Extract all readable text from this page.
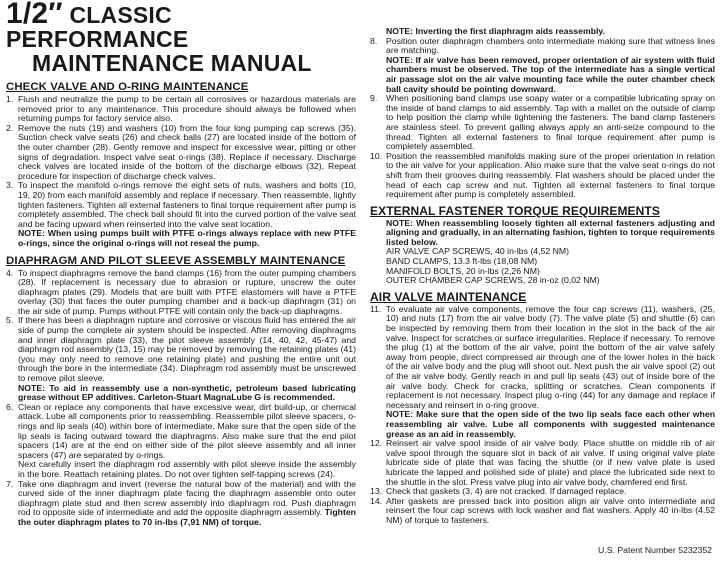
1/2″ CLASSIC PERFORMANCE
MAINTENANCE MANUAL
CHECK VALVE AND O-RING MAINTENANCE
1. Flush and neutralize the pump to be certain all corrosives or hazardous materials are removed prior to any maintenance. This procedure should always be followed when returning pumps for factory service also.
2. Remove the nuts (19) and washers (10) from the four long pumping cap screws (35). Suction check valve seats (26) and check balls (27) are located inside of the bottom of the outer chamber (28). Gently remove and inspect for excessive wear, pitting or other signs of degradation. Inspect valve seat o-rings (38). Replace if necessary. Discharge check valves are located inside of the bottom of the discharge elbows (32). Repeat procedure for inspection of discharge check valves.
3. To inspect the manifold o-rings remove the eight sets of nuts, washers and bolts (10, 19, 20) from each manifold assembly and replace if necessary. Then reassemble, lightly tighten fasteners. Tighten all external fasteners to final torque requirement after pump is completely assembled. The check ball should fit into the curved portion of the valve seat and be facing upward when reinserted into the valve seat location.

NOTE: When using pumps built with PTFE o-rings always replace with new PTFE o-rings, since the original o-rings will not reseal the pump.

DIAPHRAGM AND PILOT SLEEVE ASSEMBLY MAINTENANCE
4. To inspect diaphragms remove the band clamps (16) from the outer pumping chambers (28). If replacement is necessary due to abrasion or rupture, unscrew the outer diaphragm plates (29). Models that are built with PTFE elastomers will have a PTFE overlay (30) that faces the outer pumping chamber and a back-up diaphragm (31) on the air side of pump. Pumps without PTFE will contain only the back-up diaphragms.
5. If there has been a diaphragm rupture and corrosive or viscous fluid has entered the air side of pump the complete air system should be inspected. After removing diaphragms and inner diaphragm plate (33), the pilot sleeve assembly (14, 40, 42, 45-47) and diaphragm rod assembly (13, 15) may be removed by removing the retaining plates (41) (you may only need to remove one retaining plate) and pushing the entire unit out through the bore in the intermediate (34). Diaphragm rod assembly must be unscrewed to remove pilot sleeve.

NOTE: To aid in reassembly use a non-synthetic, petroleum based lubricating grease without EP additives. Carleton-Stuart MagnaLube G is recommended.

6. Clean or replace any components that have excessive wear, dirt build-up, or chemical attack. Lube all components prior to reassembling. Reassemble pilot sleeve spacers, o-rings and lip seals (40) within bore of intermediate. Make sure that the open side of the lip seals is facing outward toward the diaphragms. Also make sure that the end pilot spacers (14) are at the end on either side of the pilot sleeve assembly and all inner spacers (47) are separated by o-rings.

Next carefully insert the diaphragm rod assembly with pilot sleeve inside the assembly in the bore. Reattach retaining plates. Do not over tighten self-tapping screws (24).

7. Take one diaphragm and invert (reverse the natural bow of the material) and with the curved side of the inner diaphragm plate facing the diaphragm assemble onto outer diaphragm plate stud and then screw assembly into diaphragm rod. Push diaphragm rod to opposite side of intermediate and add the opposite diaphragm assembly. Tighten the outer diaphragm plates to 70 in-lbs (7,91 NM) of torque.

NOTE: Inverting the first diaphragm aids reassembly.

8.	Position outer diaphragm chambers onto intermediate making sure that witness lines are matching.

NOTE: If air valve has been removed, proper orientation of air system with fluid chambers must be observed. The top of the intermediate has a single vertical air passage slot on the air valve mounting face while the outer chamber check ball cavity should be pointing downward.

9.	When positioning band clamps use soapy water or a compatible lubricating spray on the inside of band clamps to aid assembly. Tap with a mallet on the outside of clamp to help position the clamp while tightening the fasteners. The band clamp fasteners are stainless steel. To prevent galling always apply an anti-seize compound to the thread. Tighten all external fasteners to final torque requirement after pump is completely assembled.
10. Position the reassembled manifolds making sure of the proper orientation in relation to the air valve for your application. Also make sure that the valve seat o-rings do not shift from their grooves during reassembly. Flat washers should be placed under the head of each cap screw and nut. Tighten all external fasteners to final torque requirement after pump is completely assembled.
EXTERNAL FASTENER TORQUE REQUIREMENTS

NOTE: When reassembling loosely tighten all external fasteners adjusting and aligning and gradually, in an alternating fashion, tighten to torque requirements listed below.

AIR VALVE CAP SCREWS, 40 in-lbs (4,52 NM)
BAND CLAMPS, 13.3 ft-lbs (18,08 NM)
MANIFOLD BOLTS, 20 in-lbs (2,26 NM)
OUTER CHAMBER CAP SCREWS, 28 in-oz (0,02 NM)
AIR VALVE MAINTENANCE
11. To evaluate air valve components, remove the four cap screws (11), washers, (25, 10) and nuts (17) from the air valve body (7). The valve plate (5) and shuttle (6) can be inspected by removing them from their location in the slot in the back of the air valve. Inspect for scratches or surface irregularities. Replace if necessary. To remove the plug (1) at the bottom of the air valve, point the bottom of the air valve safely away from people, direct compressed air through one of the lower holes in the back of the air valve body and the plug will shoot out. Next push the air valve spool (2) out of the air valve body. Gently reach in and pull lip seals (43) out of inside bore of the air valve body. Check for cracks, splitting or scratches. Clean components if replacement is not necessary. Inspect plug o-ring (44) for any damage and replace if necessary and reinsert in o-ring groove.

NOTE: Make sure that the open side of the two lip seals face each other when reassembling air valve. Lube all components with suggested maintenance grease as an aid in reassembly.

12. Reinsert air valve spool inside of air valve body. Place shuttle on middle rib of air valve spool through the square slot in back of air valve. If using original valve plate lubricate side of plate that was facing the shuttle (or if new valve plate is used lubricate the lapped and polished side of plate) and place the lubricated side next to the shuttle in the slot. Press valve plug into air valve body, chamfered end first.
13. Check that gaskets (3, 4) are not cracked. If damaged replace.
14. After gaskets are pressed back into position align air valve onto intermediate and reinsert the four cap screws with lock washer and flat washers. Apply 40 in-lbs (4,52 NM) of torque to fasteners.
U.S. Patent Number 5232352
